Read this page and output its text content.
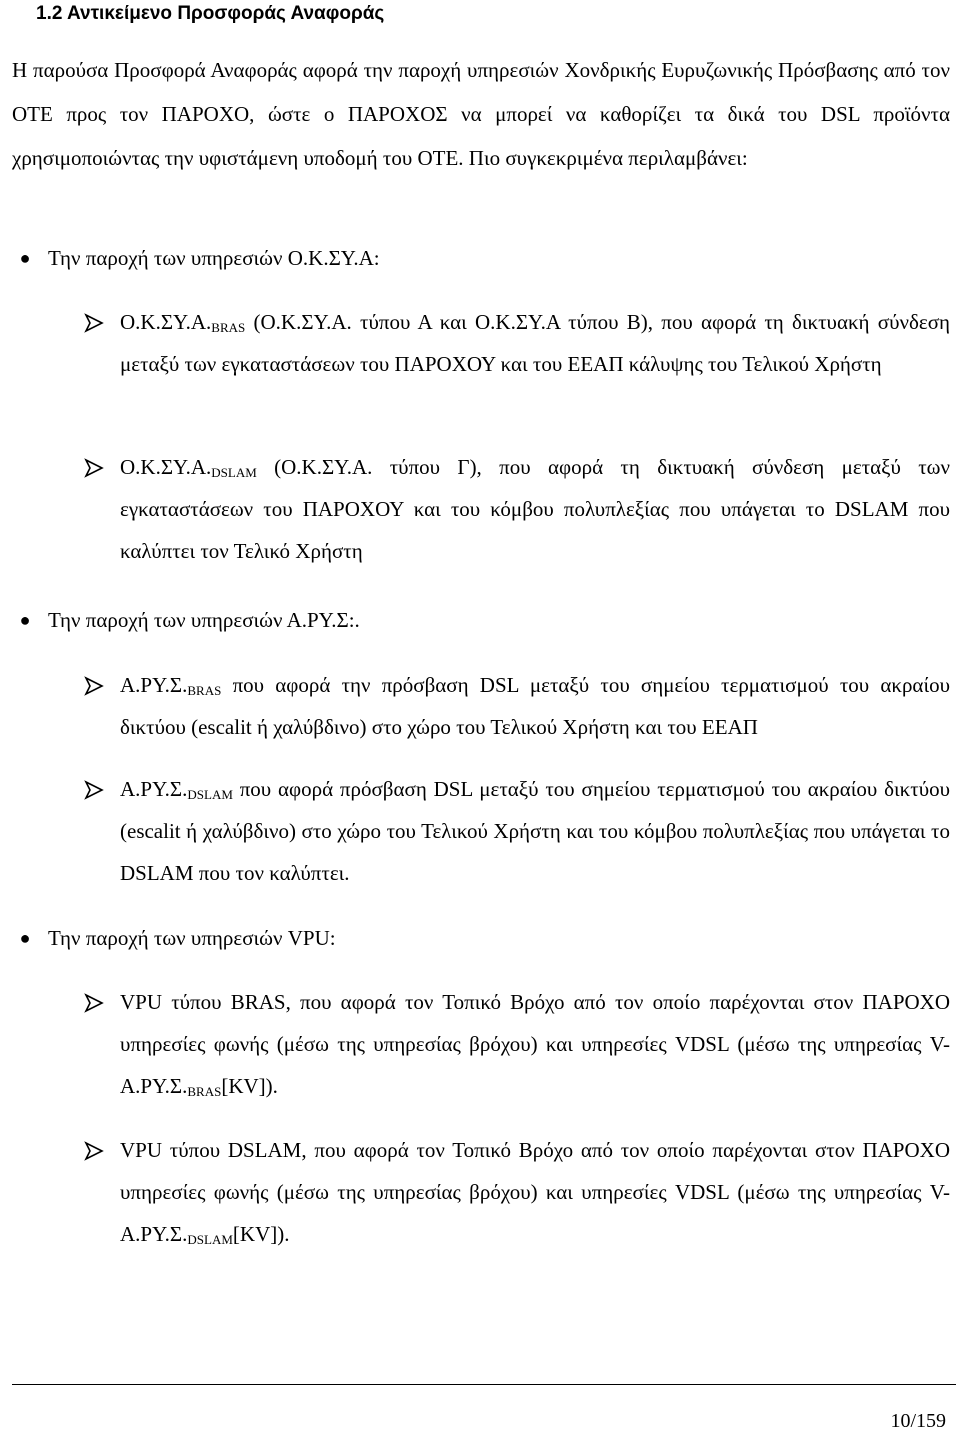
1.2 Αντικείμενο Προσφοράς Αναφοράς
Η παρούσα Προσφορά Αναφοράς αφορά την παροχή υπηρεσιών Χονδρικής Ευρυζωνικής Πρόσβασης από τον ΟΤΕ προς τον ΠΑΡΟΧΟ, ώστε ο ΠΑΡΟΧΟΣ να μπορεί να καθορίζει τα δικά του DSL προϊόντα χρησιμοποιώντας την υφιστάμενη υποδομή του ΟΤΕ. Πιο συγκεκριμένα περιλαμβάνει:
● Την παροχή των υπηρεσιών Ο.Κ.ΣΥ.Α:
$O.K.\Sigma\Upsilon.A._{BRAS}$ (Ο.Κ.ΣΥ.Α. τύπου Α και Ο.Κ.ΣΥ.Α τύπου Β), που αφορά τη δικτυακή σύνδεση μεταξύ των εγκαταστάσεων του ΠΑΡΟΧΟΥ και του ΕΕΑΠ κάλυψης του Τελικού Χρήστη
$O.K.\Sigma\Upsilon.A._{DSLAM}$ (Ο.Κ.ΣΥ.Α. τύπου Γ), που αφορά τη δικτυακή σύνδεση μεταξύ των εγκαταστάσεων του ΠΑΡΟΧΟΥ και του κόμβου πολυπλεξίας που υπάγεται το DSLAM που καλύπτει τον Τελικό Χρήστη
● Την παροχή των υπηρεσιών Α.ΡΥ.Σ:.
$A.P\Upsilon.\Sigma._{BRAS}$ που αφορά την πρόσβαση DSL μεταξύ του σημείου τερματισμού του ακραίου δικτύου (escalit ή χαλύβδινο) στο χώρο του Τελικού Χρήστη και του ΕΕΑΠ
$A.P\Upsilon.\Sigma._{DSLAM}$ που αφορά πρόσβαση DSL μεταξύ του σημείου τερματισμού του ακραίου δικτύου (escalit ή χαλύβδινο) στο χώρο του Τελικού Χρήστη και του κόμβου πολυπλεξίας που υπάγεται το DSLAM που τον καλύπτει.
● Την παροχή των υπηρεσιών VPU:
VPU τύπου BRAS, που αφορά τον Τοπικό Βρόχο από τον οποίο παρέχονται στον ΠΑΡΟΧΟ υπηρεσίες φωνής (μέσω της υπηρεσίας βρόχου) και υπηρεσίες VDSL (μέσω της υπηρεσίας $V-A.P\Upsilon.\Sigma._{BRAS}[KV]$).
VPU τύπου DSLAM, που αφορά τον Τοπικό Βρόχο από τον οποίο παρέχονται στον ΠΑΡΟΧΟ υπηρεσίες φωνής (μέσω της υπηρεσίας βρόχου) και υπηρεσίες VDSL (μέσω της υπηρεσίας $V-A.P\Upsilon.\Sigma._{DSLAM}[KV]$).
10/159
